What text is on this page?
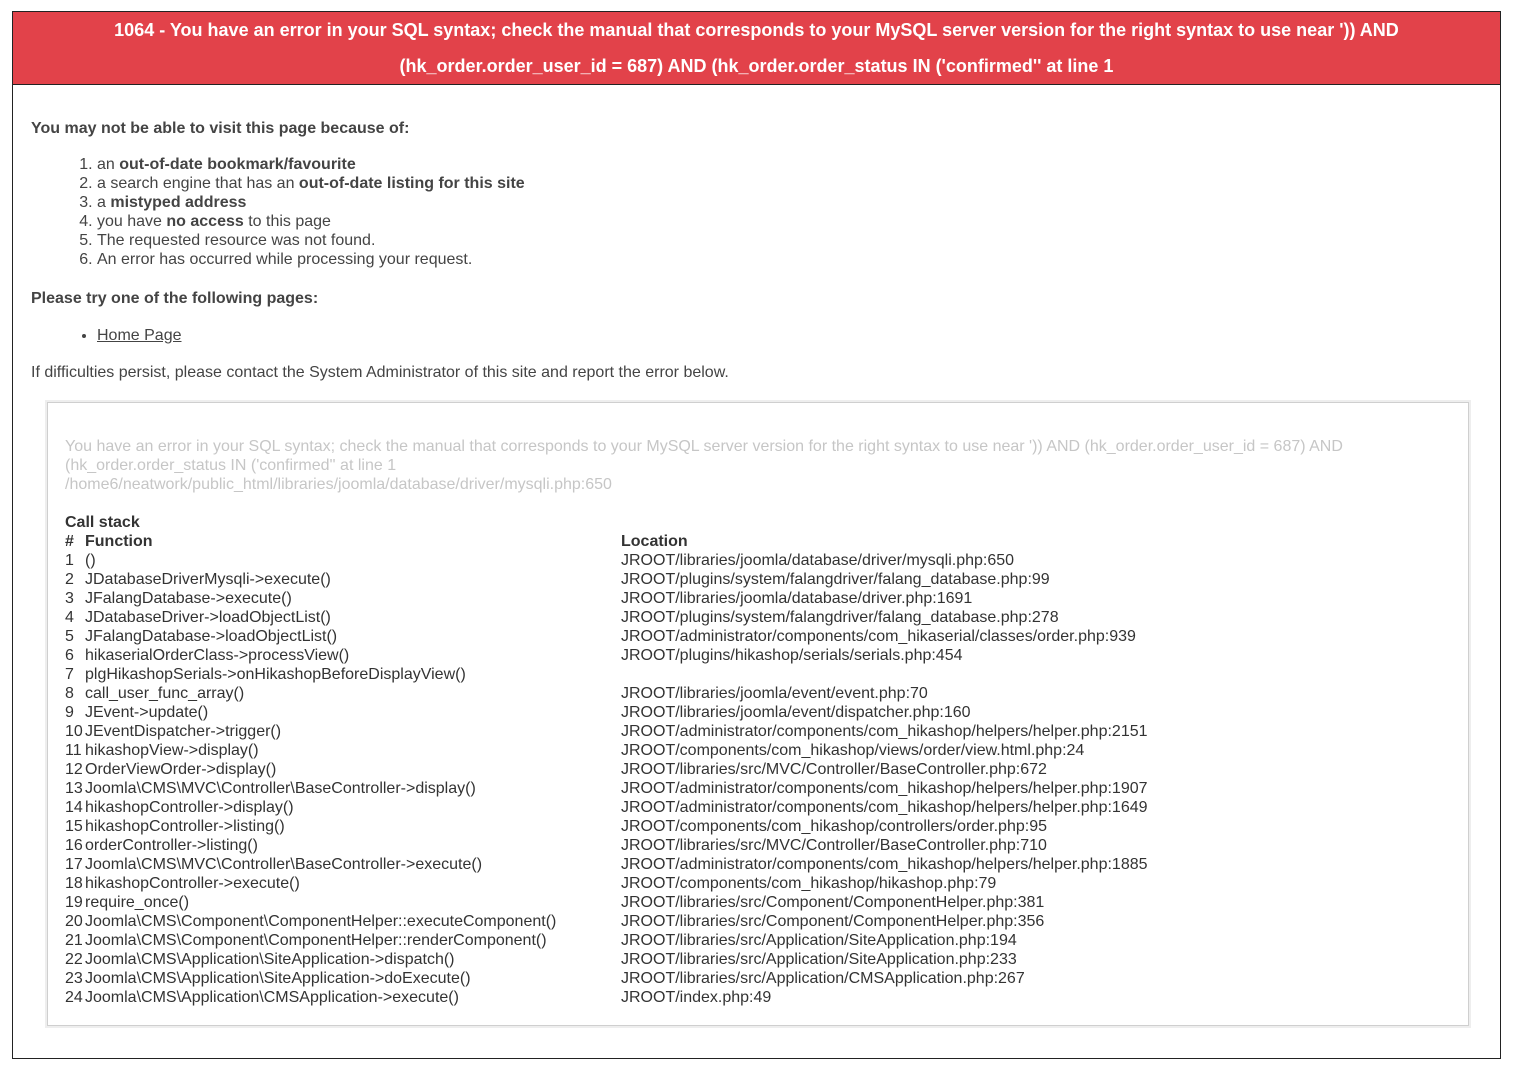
1064 - You have an error in your SQL syntax; check the manual that corresponds to your MySQL server version for the right syntax to use near ')) AND
(hk_order.order_user_id = 687) AND (hk_order.order_status IN ('confirmed'' at line 1

You may not be able to visit this page because of:

1. an out-of-date bookmark/favourite
2. a search engine that has an out-of-date listing for this site
3. a mistyped address
4. you have no access to this page
5. The requested resource was not found.
6. An error has occurred while processing your request.

Please try one of the following pages:

• Home Page

If difficulties persist, please contact the System Administrator of this site and report the error below.

You have an error in your SQL syntax; check the manual that corresponds to your MySQL server version for the right syntax to use near ')) AND (hk_order.order_user_id = 687) AND (hk_order.order_status IN ('confirmed'' at line 1
/home6/neatwork/public_html/libraries/joomla/database/driver/mysqli.php:650
Call stack
#	Function	Location
1	()	JROOT/libraries/joomla/database/driver/mysqli.php:650
2	JDatabaseDriverMysqli->execute()	JROOT/plugins/system/falangdriver/falang_database.php:99
3	JFalangDatabase->execute()	JROOT/libraries/joomla/database/driver.php:1691
4	JDatabaseDriver->loadObjectList()	JROOT/plugins/system/falangdriver/falang_database.php:278
5	JFalangDatabase->loadObjectList()	JROOT/administrator/components/com_hikaserial/classes/order.php:939
6	hikaserialOrderClass->processView()	JROOT/plugins/hikashop/serials/serials.php:454
7	plgHikashopSerials->onHikashopBeforeDisplayView()	
8	call_user_func_array()	JROOT/libraries/joomla/event/event.php:70
9	JEvent->update()	JROOT/libraries/joomla/event/dispatcher.php:160
10	JEventDispatcher->trigger()	JROOT/administrator/components/com_hikashop/helpers/helper.php:2151
11	hikashopView->display()	JROOT/components/com_hikashop/views/order/view.html.php:24
12	OrderViewOrder->display()	JROOT/libraries/src/MVC/Controller/BaseController.php:672
13	Joomla\CMS\MVC\Controller\BaseController->display()	JROOT/administrator/components/com_hikashop/helpers/helper.php:1907
14	hikashopController->display()	JROOT/administrator/components/com_hikashop/helpers/helper.php:1649
15	hikashopController->listing()	JROOT/components/com_hikashop/controllers/order.php:95
16	orderController->listing()	JROOT/libraries/src/MVC/Controller/BaseController.php:710
17	Joomla\CMS\MVC\Controller\BaseController->execute()	JROOT/administrator/components/com_hikashop/helpers/helper.php:1885
18	hikashopController->execute()	JROOT/components/com_hikashop/hikashop.php:79
19	require_once()	JROOT/libraries/src/Component/ComponentHelper.php:381
20	Joomla\CMS\Component\ComponentHelper::executeComponent()	JROOT/libraries/src/Component/ComponentHelper.php:356
21	Joomla\CMS\Component\ComponentHelper::renderComponent()	JROOT/libraries/src/Application/SiteApplication.php:194
22	Joomla\CMS\Application\SiteApplication->dispatch()	JROOT/libraries/src/Application/SiteApplication.php:233
23	Joomla\CMS\Application\SiteApplication->doExecute()	JROOT/libraries/src/Application/CMSApplication.php:267
24	Joomla\CMS\Application\CMSApplication->execute()	JROOT/index.php:49
